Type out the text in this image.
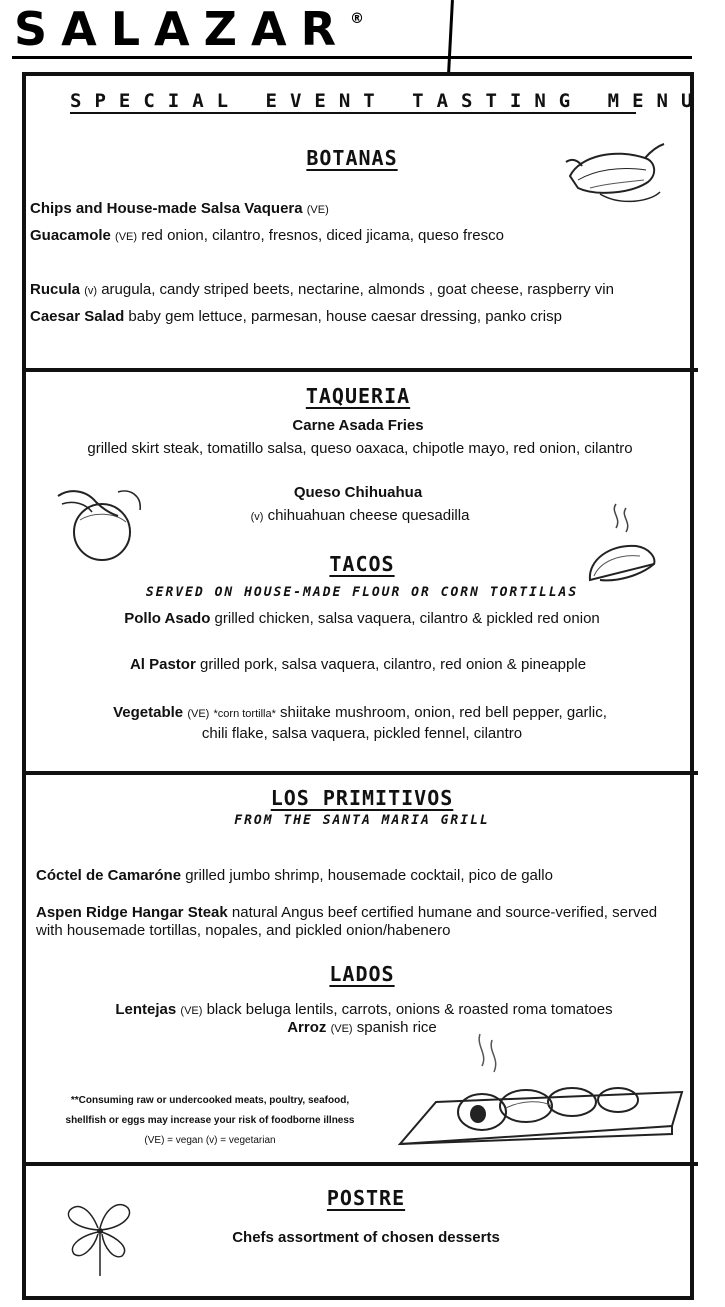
SALAZAR®
SPECIAL EVENT TASTING MENU
BOTANAS
Chips and House-made Salsa Vaquera (VE)
Guacamole (VE) red onion, cilantro, fresnos, diced jicama, queso fresco
Rucula (v) arugula, candy striped beets, nectarine, almonds , goat cheese, raspberry vin
Caesar Salad baby gem lettuce, parmesan, house caesar dressing, panko crisp
TAQUERIA
Carne Asada Fries
grilled skirt steak, tomatillo salsa, queso oaxaca, chipotle mayo, red onion, cilantro
Queso Chihuahua
(v) chihuahuan cheese quesadilla
TACOS
SERVED ON HOUSE-MADE FLOUR OR CORN TORTILLAS
Pollo Asado grilled chicken, salsa vaquera, cilantro & pickled red onion
Al Pastor grilled pork, salsa vaquera, cilantro, red onion & pineapple
Vegetable (VE) *corn tortilla* shiitake mushroom, onion, red bell pepper, garlic,
chili flake, salsa vaquera, pickled fennel, cilantro
LOS PRIMITIVOS
FROM THE SANTA MARIA GRILL
Cóctel de Camaróne grilled jumbo shrimp, housemade cocktail, pico de gallo
Aspen Ridge Hangar Steak natural Angus beef certified humane and source-verified, served
with housemade tortillas, nopales, and pickled onion/habenero
LADOS
Lentejas (VE) black beluga lentils, carrots, onions & roasted roma tomatoes
Arroz (VE) spanish rice
**Consuming raw or undercooked meats, poultry, seafood,
shellfish or eggs may increase your risk of foodborne illness
(VE) = vegan (v) = vegetarian
POSTRE
Chefs assortment of chosen desserts
